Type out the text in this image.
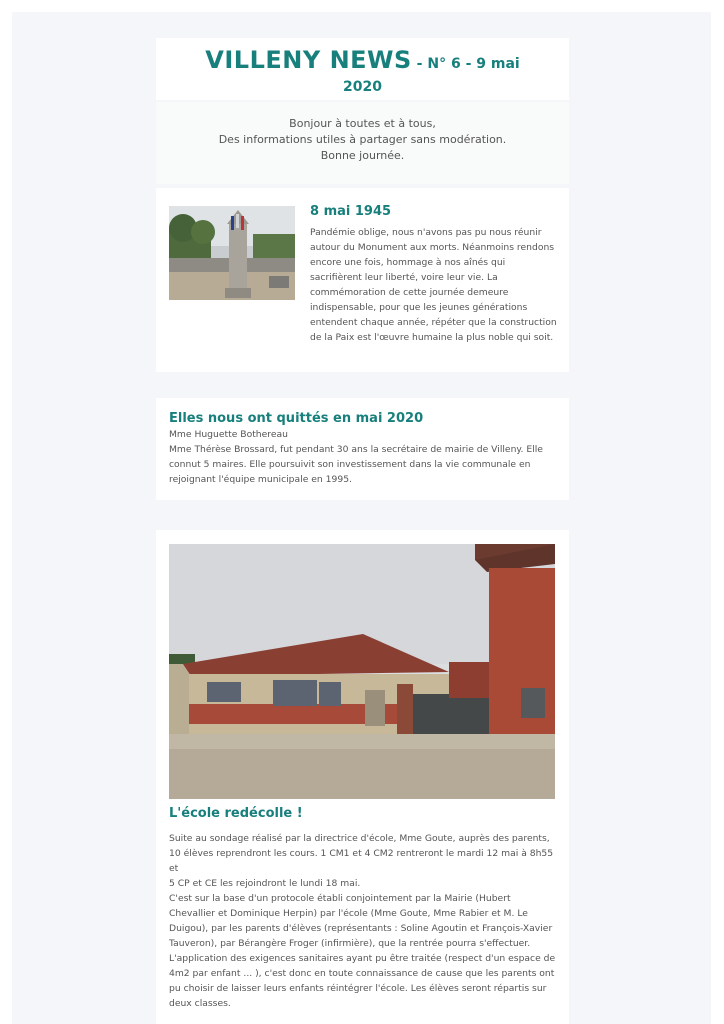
VILLENY NEWS - N° 6 - 9 mai
2020
Bonjour à toutes et à tous,
Des informations utiles à partager sans modération.
Bonne journée.

8 mai 1945

Pandémie oblige, nous n'avons pas pu nous réunir autour du Monument aux morts. Néanmoins rendons encore une fois, hommage à nos aînés qui sacrifièrent leur liberté, voire leur vie. La commémoration de cette journée demeure indispensable, pour que les jeunes générations entendent chaque année, répéter que la construction de la Paix est l'œuvre humaine la plus noble qui soit.

Elles nous ont quittés en mai 2020

Mme Huguette Bothereau

Mme Thérèse Brossard, fut pendant 30 ans la secrétaire de mairie de Villeny. Elle connut 5 maires. Elle poursuivit son investissement dans la vie communale en rejoignant l'équipe municipale en 1995.

L'école redécolle !

Suite au sondage réalisé par la directrice d'école, Mme Goute, auprès des parents, 10 élèves reprendront les cours. 1 CM1 et 4 CM2 rentreront le mardi 12 mai à 8h55 et

5 CP et CE les rejoindront le lundi 18 mai.

C'est sur la base d'un protocole établi conjointement par la Mairie (Hubert Chevallier et Dominique Herpin) par l'école (Mme Goute, Mme Rabier et M. Le Duigou), par les parents d'élèves (représentants : Soline Agoutin et François-Xavier Tauveron), par Bérangère Froger (infirmière), que la rentrée pourra s'effectuer. L'application des exigences sanitaires ayant pu être traitée (respect d'un espace de 4m2 par enfant ... ), c'est donc en toute connaissance de cause que les parents ont pu choisir de laisser leurs enfants réintégrer l'école. Les élèves seront répartis sur deux classes.
